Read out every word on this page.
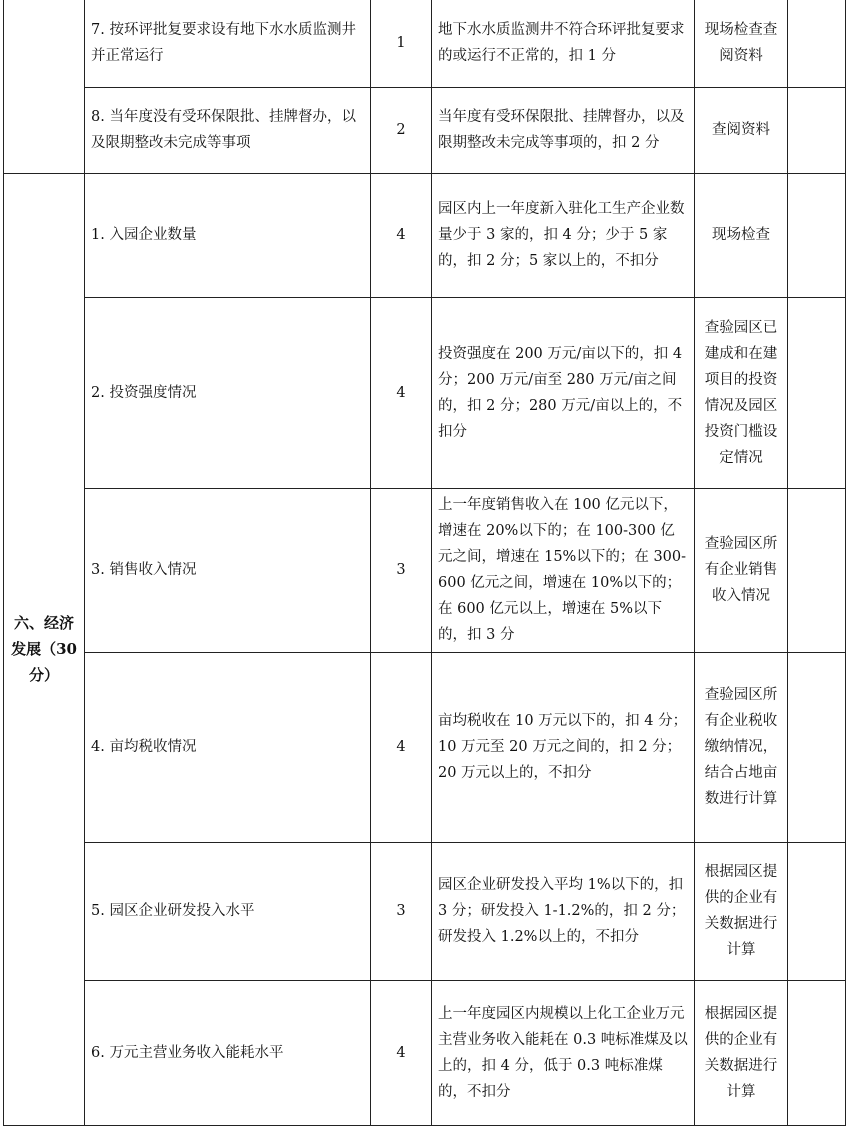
	7. 按环评批复要求设有地下水水质监测井并正常运行	1	地下水水质监测井不符合环评批复要求的或运行不正常的，扣 1 分	现场检查查阅资料	
	8. 当年度没有受环保限批、挂牌督办，以及限期整改未完成等事项	2	当年度有受环保限批、挂牌督办，以及限期整改未完成等事项的，扣 2 分	查阅资料	
六、经济发展（30分）	1. 入园企业数量	4	园区内上一年度新入驻化工生产企业数量少于 3 家的，扣 4 分；少于 5 家的，扣 2 分；5 家以上的，不扣分	现场检查	
	2. 投资强度情况	4	投资强度在 200 万元/亩以下的，扣 4 分；200 万元/亩至 280 万元/亩之间的，扣 2 分；280 万元/亩以上的，不扣分	查验园区已建成和在建项目的投资情况及园区投资门槛设定情况	
	3. 销售收入情况	3	上一年度销售收入在 100 亿元以下，增速在 20%以下的；在 100-300 亿元之间，增速在 15%以下的；在 300-600 亿元之间，增速在 10%以下的；在 600 亿元以上，增速在 5%以下的，扣 3 分	查验园区所有企业销售收入情况	
	4. 亩均税收情况	4	亩均税收在 10 万元以下的，扣 4 分；10 万元至 20 万元之间的，扣 2 分；20 万元以上的，不扣分	查验园区所有企业税收缴纳情况，结合占地亩数进行计算	
	5. 园区企业研发投入水平	3	园区企业研发投入平均 1%以下的，扣 3 分；研发投入 1-1.2%的，扣 2 分；研发投入 1.2%以上的，不扣分	根据园区提供的企业有关数据进行计算	
	6. 万元主营业务收入能耗水平	4	上一年度园区内规模以上化工企业万元主营业务收入能耗在 0.3 吨标准煤及以上的，扣 4 分，低于 0.3 吨标准煤的，不扣分	根据园区提供的企业有关数据进行计算	
